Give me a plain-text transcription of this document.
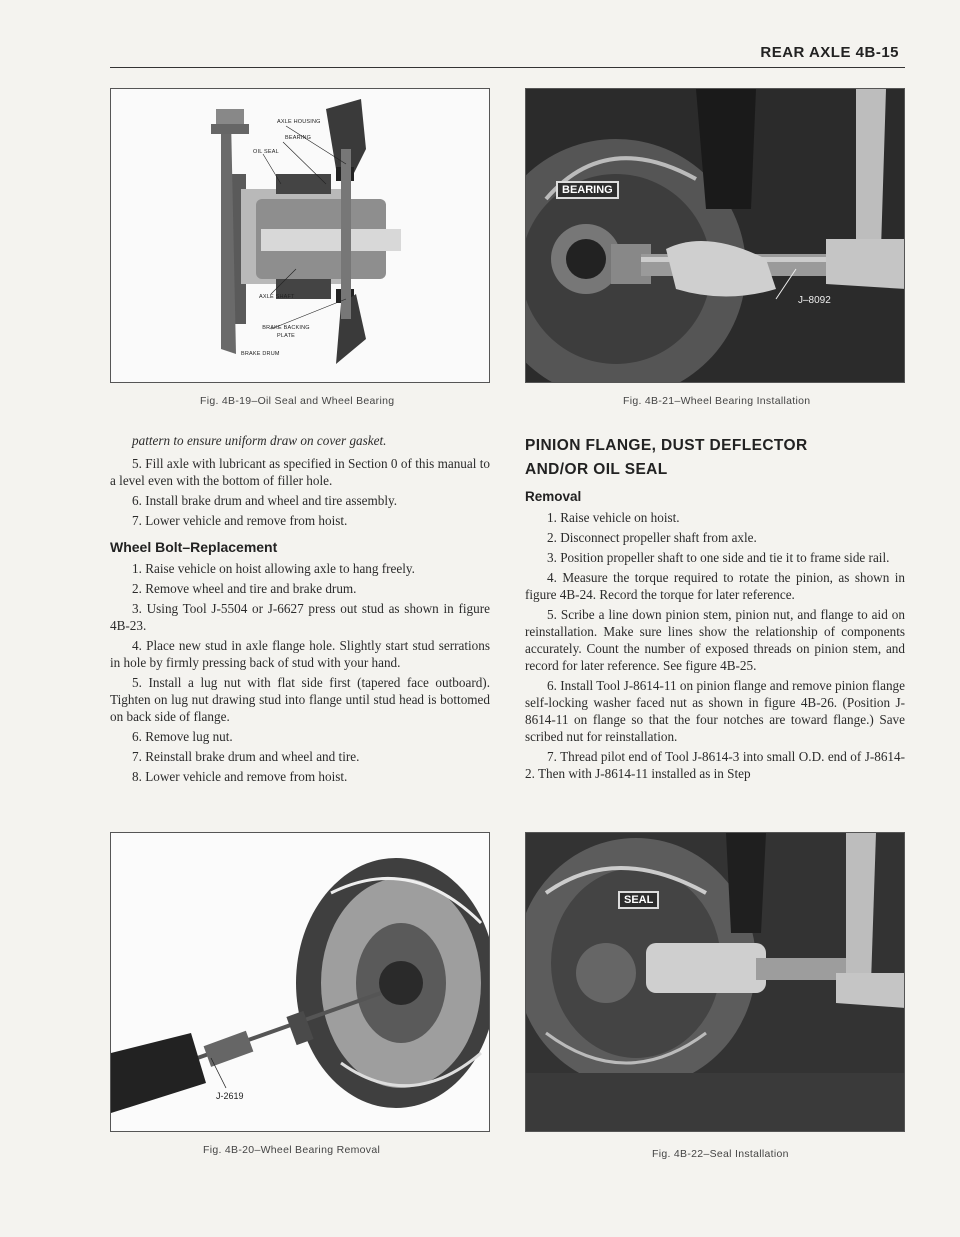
REAR AXLE 4B-15
AXLE HOUSING
BEARING
OIL SEAL
AXLE SHAFT
BRAKE BACKING PLATE
BRAKE DRUM
Fig. 4B-19–Oil Seal and Wheel Bearing
BEARING
J–8092
Fig. 4B-21–Wheel Bearing Installation

pattern to ensure uniform draw on cover gasket.

5. Fill axle with lubricant as specified in Section 0 of this manual to a level even with the bottom of filler hole.

6. Install brake drum and wheel and tire assembly.

7. Lower vehicle and remove from hoist.

Wheel Bolt–Replacement

1. Raise vehicle on hoist allowing axle to hang freely.

2. Remove wheel and tire and brake drum.

3. Using Tool J-5504 or J-6627 press out stud as shown in figure 4B-23.

4. Place new stud in axle flange hole. Slightly start stud serrations in hole by firmly pressing back of stud with your hand.

5. Install a lug nut with flat side first (tapered face outboard). Tighten on lug nut drawing stud into flange until stud head is bottomed on back side of flange.

6. Remove lug nut.

7. Reinstall brake drum and wheel and tire.

8. Lower vehicle and remove from hoist.

PINION FLANGE, DUST DEFLECTOR
AND/OR OIL SEAL
Removal

1. Raise vehicle on hoist.

2. Disconnect propeller shaft from axle.

3. Position propeller shaft to one side and tie it to frame side rail.

4. Measure the torque required to rotate the pinion, as shown in figure 4B-24. Record the torque for later reference.

5. Scribe a line down pinion stem, pinion nut, and flange to aid on reinstallation. Make sure lines show the relationship of components accurately. Count the number of exposed threads on pinion stem, and record for later reference. See figure 4B-25.

6. Install Tool J-8614-11 on pinion flange and remove pinion flange self-locking washer faced nut as shown in figure 4B-26. (Position J-8614-11 on flange so that the four notches are toward flange.) Save scribed nut for reinstallation.

7. Thread pilot end of Tool J-8614-3 into small O.D. end of J-8614-2. Then with J-8614-11 installed as in Step

J-2619
Fig. 4B-20–Wheel Bearing Removal
SEAL
Fig. 4B-22–Seal Installation
